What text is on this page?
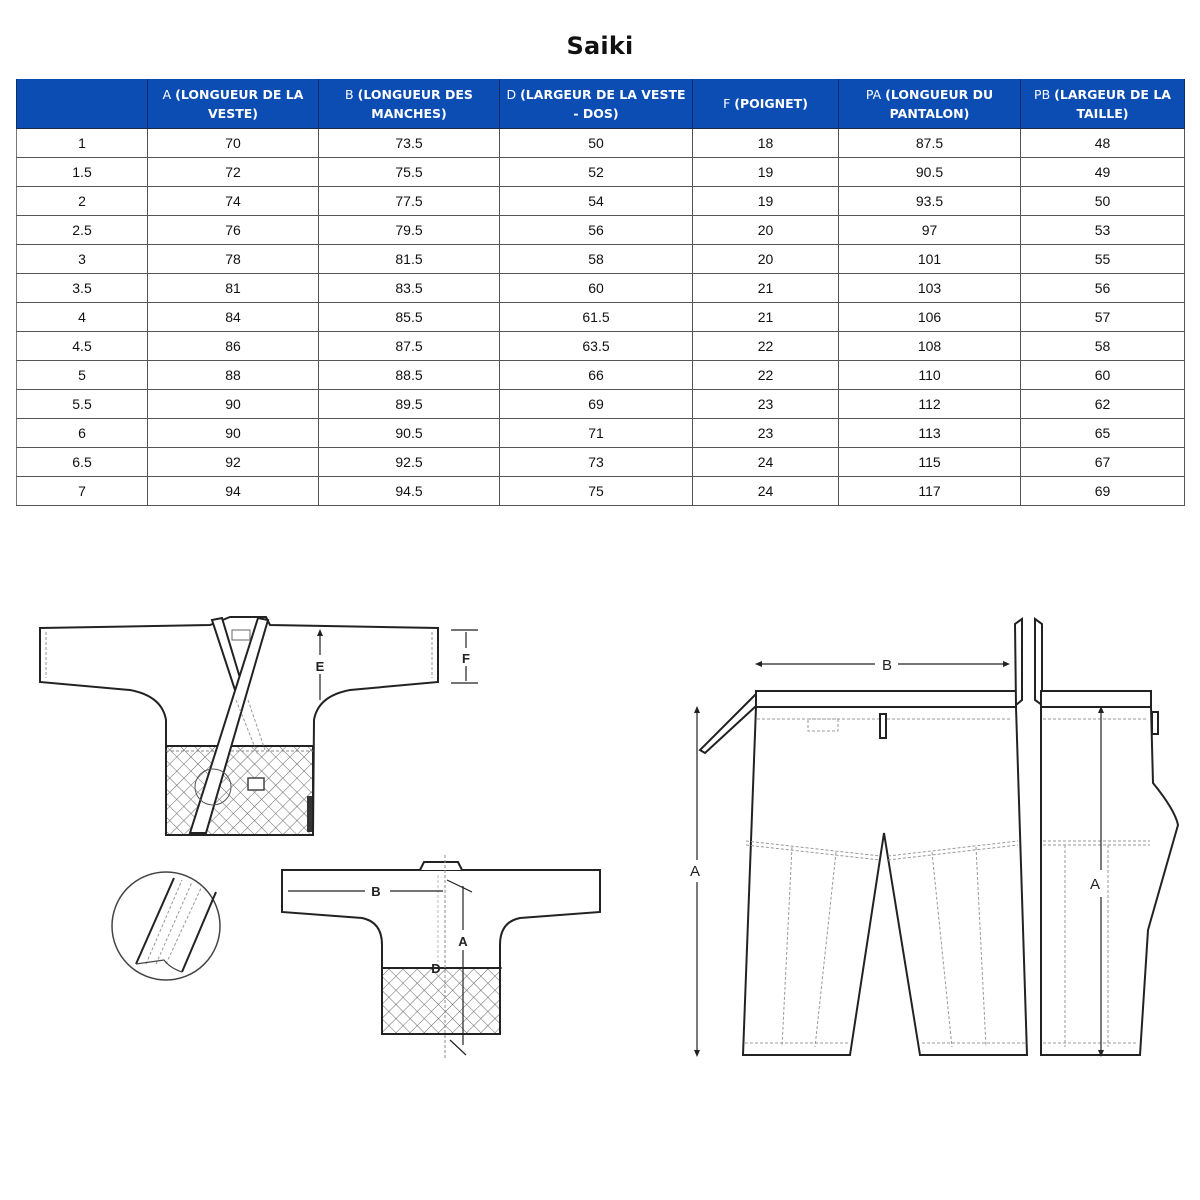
Saiki
	A (LONGUEUR DE LA VESTE)	B (LONGUEUR DES MANCHES)	D (LARGEUR DE LA VESTE - DOS)	F (POIGNET)	PA (LONGUEUR DU PANTALON)	PB (LARGEUR DE LA TAILLE)
1	70	73.5	50	18	87.5	48
1.5	72	75.5	52	19	90.5	49
2	74	77.5	54	19	93.5	50
2.5	76	79.5	56	20	97	53
3	78	81.5	58	20	101	55
3.5	81	83.5	60	21	103	56
4	84	85.5	61.5	21	106	57
4.5	86	87.5	63.5	22	108	58
5	88	88.5	66	22	110	60
5.5	90	89.5	69	23	112	62
6	90	90.5	71	23	113	65
6.5	92	92.5	73	24	115	67
7	94	94.5	75	24	117	69
E
F
B
A
D
B
A
A
